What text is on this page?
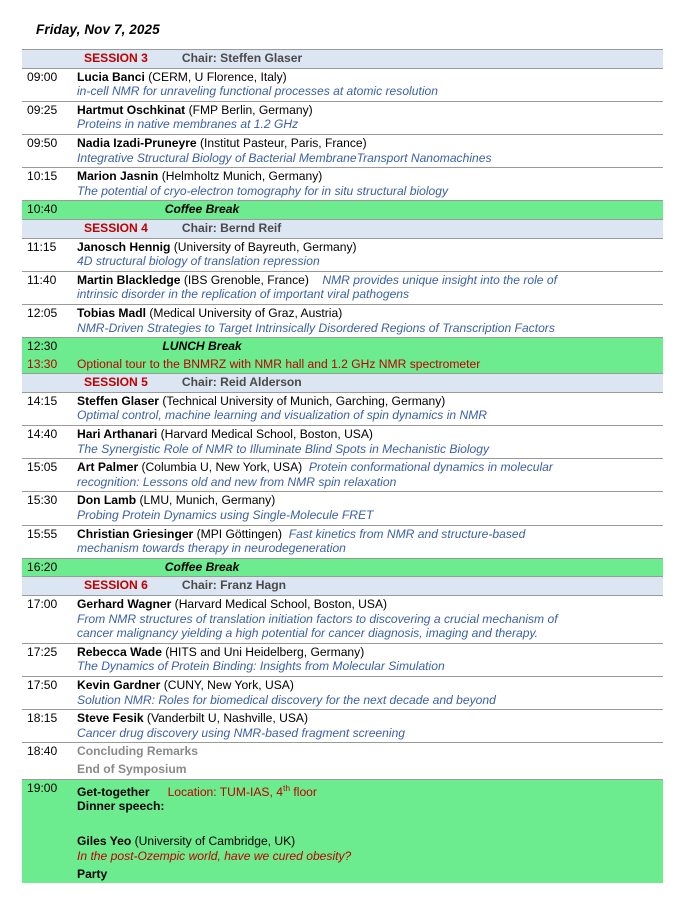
Friday, Nov 7, 2025

	SESSION 3 Chair: Steffen Glaser

09:00	Lucia Banci (CERM, U Florence, Italy)
in-cell NMR for unraveling functional processes at atomic resolution
09:25	Hartmut Oschkinat (FMP Berlin, Germany)
Proteins in native membranes at 1.2 GHz
09:50	Nadia Izadi-Pruneyre (Institut Pasteur, Paris, France)
Integrative Structural Biology of Bacterial MembraneTransport Nanomachines
10:15	Marion Jasnin (Helmholtz Munich, Germany)
The potential of cryo-electron tomography for in situ structural biology
10:40	Coffee Break

	SESSION 4 Chair: Bernd Reif

11:15	Janosch Hennig (University of Bayreuth, Germany)
4D structural biology of translation repression
11:40	Martin Blackledge (IBS Grenoble, France) NMR provides unique insight into the role of
intrinsic disorder in the replication of important viral pathogens
12:05	Tobias Madl (Medical University of Graz, Austria)
NMR-Driven Strategies to Target Intrinsically Disordered Regions of Transcription Factors
12:30	LUNCH Break

13:30	Optional tour to the BNMRZ with NMR hall and 1.2 GHz NMR spectrometer

	SESSION 5 Chair: Reid Alderson

14:15	Steffen Glaser (Technical University of Munich, Garching, Germany)
Optimal control, machine learning and visualization of spin dynamics in NMR
14:40	Hari Arthanari (Harvard Medical School, Boston, USA)
The Synergistic Role of NMR to Illuminate Blind Spots in Mechanistic Biology
15:05	Art Palmer (Columbia U, New York, USA) Protein conformational dynamics in molecular
recognition: Lessons old and new from NMR spin relaxation
15:30	Don Lamb (LMU, Munich, Germany)
Probing Protein Dynamics using Single-Molecule FRET
15:55	Christian Griesinger (MPI Göttingen) Fast kinetics from NMR and structure-based
mechanism towards therapy in neurodegeneration
16:20	Coffee Break

	SESSION 6 Chair: Franz Hagn

17:00	Gerhard Wagner (Harvard Medical School, Boston, USA)
From NMR structures of translation initiation factors to discovering a crucial mechanism of
cancer malignancy yielding a high potential for cancer diagnosis, imaging and therapy.
17:25	Rebecca Wade (HITS and Uni Heidelberg, Germany)
The Dynamics of Protein Binding: Insights from Molecular Simulation
17:50	Kevin Gardner (CUNY, New York, USA)
Solution NMR: Roles for biomedical discovery for the next decade and beyond
18:15	Steve Fesik (Vanderbilt U, Nashville, USA)
Cancer drug discovery using NMR-based fragment screening
18:40	Concluding Remarks
	End of Symposium
19:00	Get-together Location: TUM-IAS, 4th floor
Dinner speech:

	Giles Yeo (University of Cambridge, UK)
In the post-Ozempic world, have we cured obesity?
	Party
